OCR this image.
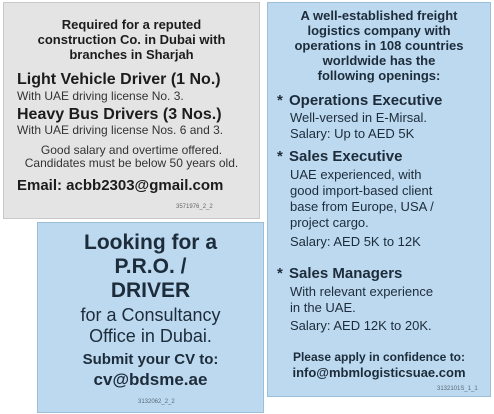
Required for a reputed
construction Co. in Dubai with
branches in Sharjah
Light Vehicle Driver (1 No.)
With UAE driving license No. 3.
Heavy Bus Drivers (3 Nos.)
With UAE driving license Nos. 6 and 3.
Good salary and overtime offered.
Candidates must be below 50 years old.
Email: acbb2303@gmail.com
3571976_2_2
Looking for a
P.R.O. /
DRIVER
for a Consultancy
Office in Dubai.
Submit your CV to:
cv@bdsme.ae
3132062_2_2
A well-established freight
logistics company with
operations in 108 countries
worldwide has the
following openings:
* Operations Executive
Well-versed in E-Mirsal.
Salary: Up to AED 5K
* Sales Executive
UAE experienced, with
good import-based client
base from Europe, USA /
project cargo.
Salary: AED 5K to 12K
* Sales Managers
With relevant experience
in the UAE.
Salary: AED 12K to 20K.
Please apply in confidence to:
info@mbmlogisticsuae.com
3132101S_1_1
